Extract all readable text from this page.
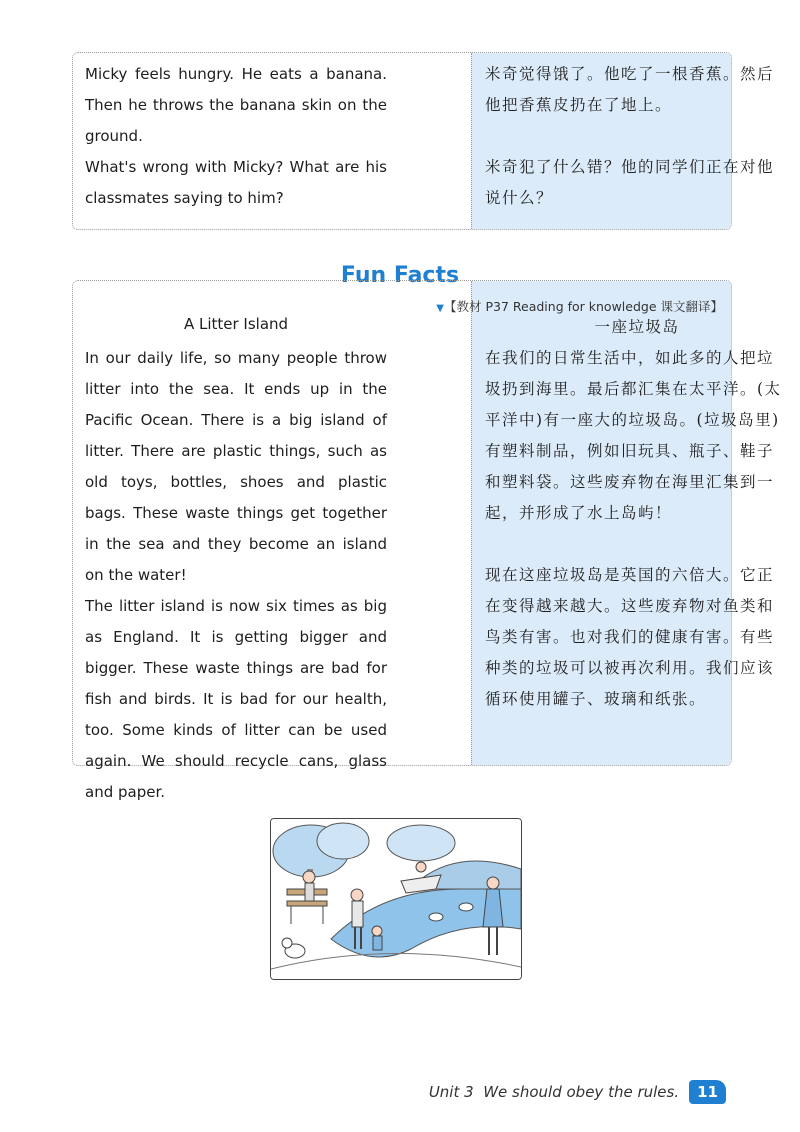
Micky feels hungry. He eats a banana. Then he throws the banana skin on the ground.

What's wrong with Micky? What are his classmates saying to him?

米奇觉得饿了。他吃了一根香蕉。然后他把香蕉皮扔在了地上。

米奇犯了什么错？他的同学们正在对他说什么？

Fun Facts
▼【教材 P37 Reading for knowledge 课文翻译】
A Litter Island	一座垃圾岛

In our daily life, so many people throw litter into the sea. It ends up in the Pacific Ocean. There is a big island of litter. There are plastic things, such as old toys, bottles, shoes and plastic bags. These waste things get together in the sea and they become an island on the water!

The litter island is now six times as big as England. It is getting bigger and bigger. These waste things are bad for fish and birds. It is bad for our health, too. Some kinds of litter can be used again. We should recycle cans, glass and paper.

在我们的日常生活中，如此多的人把垃圾扔到海里。最后都汇集在太平洋。(太平洋中)有一座大的垃圾岛。(垃圾岛里)有塑料制品，例如旧玩具、瓶子、鞋子和塑料袋。这些废弃物在海里汇集到一起，并形成了水上岛屿！

现在这座垃圾岛是英国的六倍大。它正在变得越来越大。这些废弃物对鱼类和鸟类有害。也对我们的健康有害。有些种类的垃圾可以被再次利用。我们应该循环使用罐子、玻璃和纸张。

Unit 3 We should obey the rules.	11
